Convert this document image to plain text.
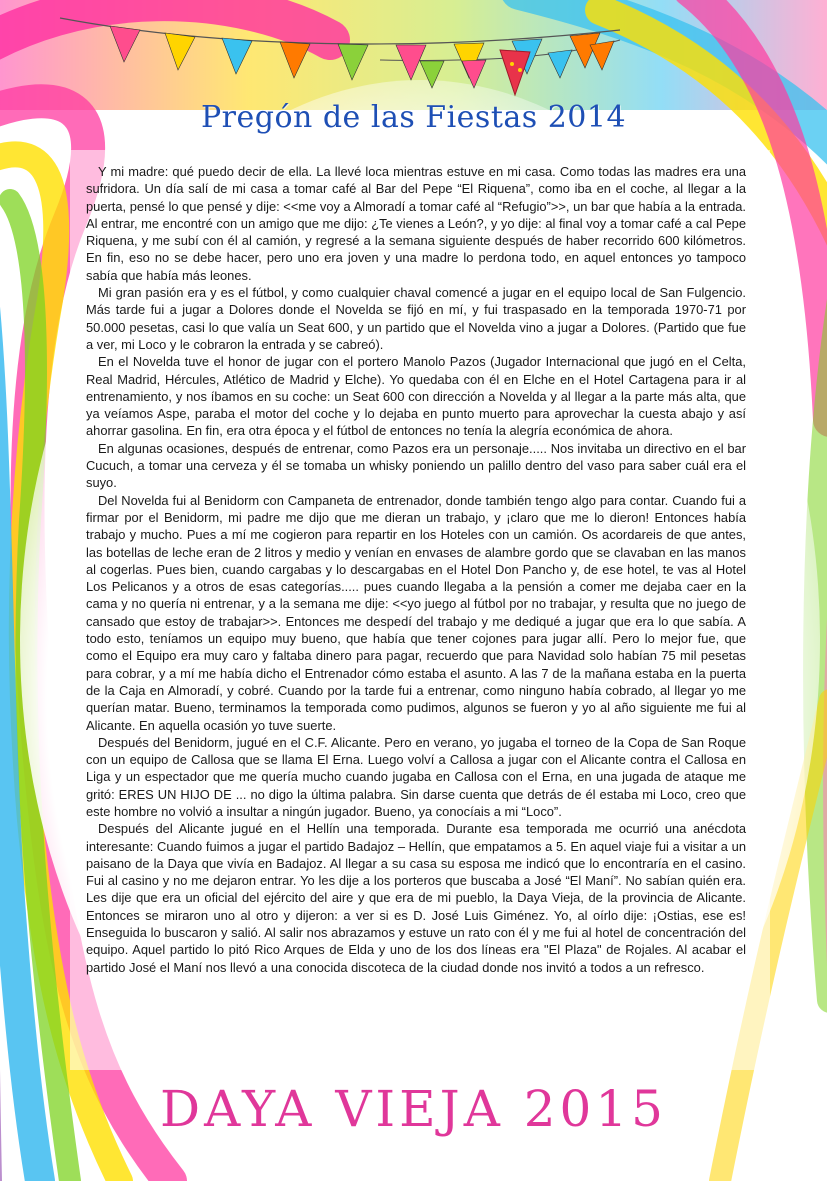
Pregón de las Fiestas 2014

Y mi madre: qué puedo decir de ella. La llevé loca mientras estuve en mi casa. Como todas las madres era una sufridora. Un día salí de mi casa a tomar café al Bar del Pepe “El Riquena”, como iba en el coche, al llegar a la puerta, pensé lo que pensé y dije: <<me voy a Almoradí a tomar café al “Refugio”>>, un bar que había a la entrada. Al entrar, me encontré con un amigo que me dijo: ¿Te vienes a León?, y yo dije: al final voy a tomar café a cal Pepe Riquena, y me subí con él al camión, y regresé a la semana siguiente después de haber recorrido 600 kilómetros. En fin, eso no se debe hacer, pero uno era joven y una madre lo perdona todo, en aquel entonces yo tampoco sabía que había más leones.

Mi gran pasión era y es el fútbol, y como cualquier chaval comencé a jugar en el equipo local de San Fulgencio. Más tarde fui a jugar a Dolores donde el Novelda se fijó en mí, y fui traspasado en la temporada 1970-71 por 50.000 pesetas, casi lo que valía un Seat 600, y un partido que el Novelda vino a jugar a Dolores. (Partido que fue a ver, mi Loco y le cobraron la entrada y se cabreó).

En el Novelda tuve el honor de jugar con el portero Manolo Pazos (Jugador Internacional que jugó en el Celta, Real Madrid, Hércules, Atlético de Madrid y Elche). Yo quedaba con él en Elche en el Hotel Cartagena para ir al entrenamiento, y nos íbamos en su coche: un Seat 600 con dirección a Novelda y al llegar a la parte más alta, que ya veíamos Aspe, paraba el motor del coche y lo dejaba en punto muerto para aprovechar la cuesta abajo y así ahorrar gasolina. En fin, era otra época y el fútbol de entonces no tenía la alegría económica de ahora.

En algunas ocasiones, después de entrenar, como Pazos era un personaje..... Nos invitaba un directivo en el bar Cucuch, a tomar una cerveza y él se tomaba un whisky poniendo un palillo dentro del vaso para saber cuál era el suyo.

Del Novelda fui al Benidorm con Campaneta de entrenador, donde también tengo algo para contar. Cuando fui a firmar por el Benidorm, mi padre me dijo que me dieran un trabajo, y ¡claro que me lo dieron! Entonces había trabajo y mucho. Pues a mí me cogieron para repartir en los Hoteles con un camión. Os acordareis de que antes, las botellas de leche eran de 2 litros y medio y venían en envases de alambre gordo que se clavaban en las manos al cogerlas. Pues bien, cuando cargabas y lo descargabas en el Hotel Don Pancho y, de ese hotel, te vas al Hotel Los Pelicanos y a otros de esas categorías..... pues cuando llegaba a la pensión a comer me dejaba caer en la cama y no quería ni entrenar, y a la semana me dije: <<yo juego al fútbol por no trabajar, y resulta que no juego de cansado que estoy de trabajar>>. Entonces me despedí del trabajo y me dediqué a jugar que era lo que sabía. A todo esto, teníamos un equipo muy bueno, que había que tener cojones para jugar allí. Pero lo mejor fue, que como el Equipo era muy caro y faltaba dinero para pagar, recuerdo que para Navidad solo habían 75 mil pesetas para cobrar, y a mí me había dicho el Entrenador cómo estaba el asunto. A las 7 de la mañana estaba en la puerta de la Caja en Almoradí, y cobré. Cuando por la tarde fui a entrenar, como ninguno había cobrado, al llegar yo me querían matar. Bueno, terminamos la temporada como pudimos, algunos se fueron y yo al año siguiente me fui al Alicante. En aquella ocasión yo tuve suerte.

Después del Benidorm, jugué en el C.F. Alicante. Pero en verano, yo jugaba el torneo de la Copa de San Roque con un equipo de Callosa que se llama El Erna. Luego volví a Callosa a jugar con el Alicante contra el Callosa en Liga y un espectador que me quería mucho cuando jugaba en Callosa con el Erna, en una jugada de ataque me gritó: ERES UN HIJO DE ... no digo la última palabra. Sin darse cuenta que detrás de él estaba mi Loco, creo que este hombre no volvió a insultar a ningún jugador. Bueno, ya conocíais a mi “Loco”.

Después del Alicante jugué en el Hellín una temporada. Durante esa temporada me ocurrió una anécdota interesante: Cuando fuimos a jugar el partido Badajoz – Hellín, que empatamos a 5. En aquel viaje fui a visitar a un paisano de la Daya que vivía en Badajoz. Al llegar a su casa su esposa me indicó que lo encontraría en el casino. Fui al casino y no me dejaron entrar. Yo les dije a los porteros que buscaba a José “El Maní”. No sabían quién era. Les dije que era un oficial del ejército del aire y que era de mi pueblo, la Daya Vieja, de la provincia de Alicante. Entonces se miraron uno al otro y dijeron: a ver si es D. José Luis Giménez. Yo, al oírlo dije: ¡Ostias, ese es! Enseguida lo buscaron y salió. Al salir nos abrazamos y estuve un rato con él y me fui al hotel de concentración del equipo. Aquel partido lo pitó Rico Arques de Elda y uno de los dos líneas era "El Plaza" de Rojales. Al acabar el partido José el Maní nos llevó a una conocida discoteca de la ciudad donde nos invitó a todos a un refresco.

DAYA VIEJA 2015
